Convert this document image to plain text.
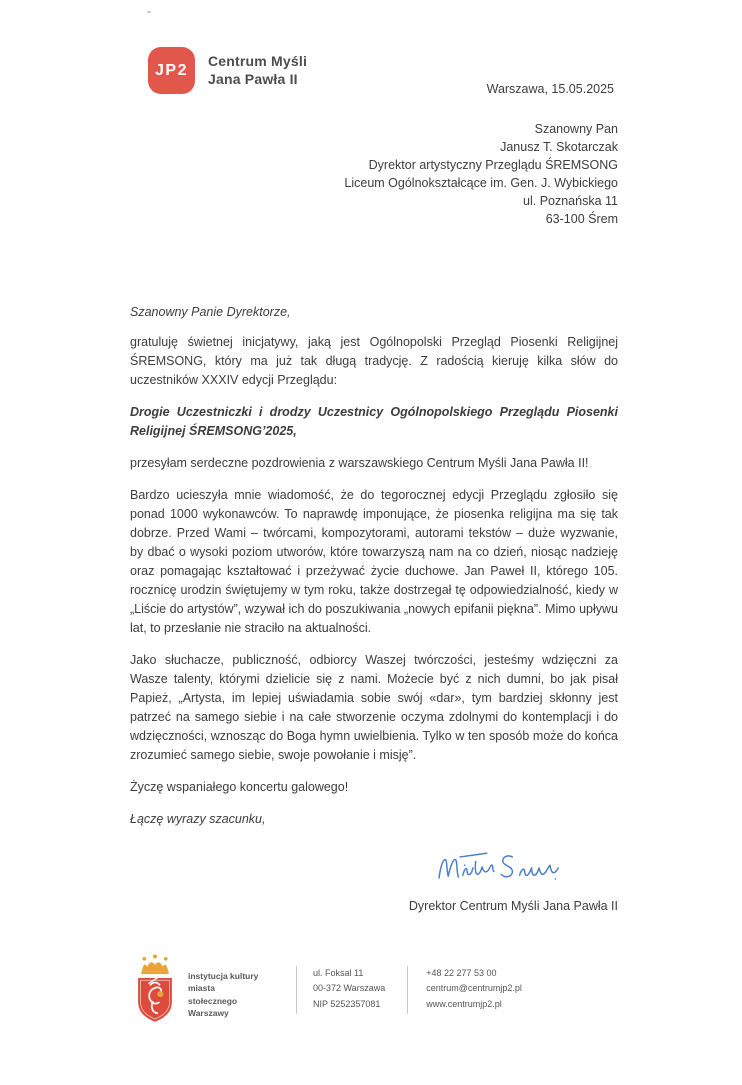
JP2
Centrum Myśli
Jana Pawła II
Warszawa, 15.05.2025
Szanowny Pan
Janusz T. Skotarczak
Dyrektor artystyczny Przeglądu ŚREMSONG
Liceum Ogólnokształcące im. Gen. J. Wybickiego
ul. Poznańska 11
63-100 Śrem

Szanowny Panie Dyrektorze,

gratuluję świetnej inicjatywy, jaką jest Ogólnopolski Przegląd Piosenki Religijnej ŚREMSONG, który ma już tak długą tradycję. Z radością kieruję kilka słów do uczestników XXXIV edycji Przeglądu:

Drogie Uczestniczki i drodzy Uczestnicy Ogólnopolskiego Przeglądu Piosenki Religijnej ŚREMSONG’2025,

przesyłam serdeczne pozdrowienia z warszawskiego Centrum Myśli Jana Pawła II!

Bardzo ucieszyła mnie wiadomość, że do tegorocznej edycji Przeglądu zgłosiło się ponad 1000 wykonawców. To naprawdę imponujące, że piosenka religijna ma się tak dobrze. Przed Wami – twórcami, kompozytorami, autorami tekstów – duże wyzwanie, by dbać o wysoki poziom utworów, które towarzyszą nam na co dzień, niosąc nadzieję oraz pomagając kształtować i przeżywać życie duchowe. Jan Paweł II, którego 105. rocznicę urodzin świętujemy w tym roku, także dostrzegał tę odpowiedzialność, kiedy w „Liście do artystów”, wzywał ich do poszukiwania „nowych epifanii piękna”. Mimo upływu lat, to przesłanie nie straciło na aktualności.

Jako słuchacze, publiczność, odbiorcy Waszej twórczości, jesteśmy wdzięczni za Wasze talenty, którymi dzielicie się z nami. Możecie być z nich dumni, bo jak pisał Papież, „Artysta, im lepiej uświadamia sobie swój «dar», tym bardziej skłonny jest patrzeć na samego siebie i na całe stworzenie oczyma zdolnymi do kontemplacji i do wdzięczności, wznosząc do Boga hymn uwielbienia. Tylko w ten sposób może do końca zrozumieć samego siebie, swoje powołanie i misję”.

Życzę wspaniałego koncertu galowego!

Łączę wyrazy szacunku,

Dyrektor Centrum Myśli Jana Pawła II
instytucja kultury
miasta stołecznego
Warszawy
ul. Foksal 11
00-372 Warszawa
NIP 5252357081
+48 22 277 53 00
centrum@centrumjp2.pl
www.centrumjp2.pl
